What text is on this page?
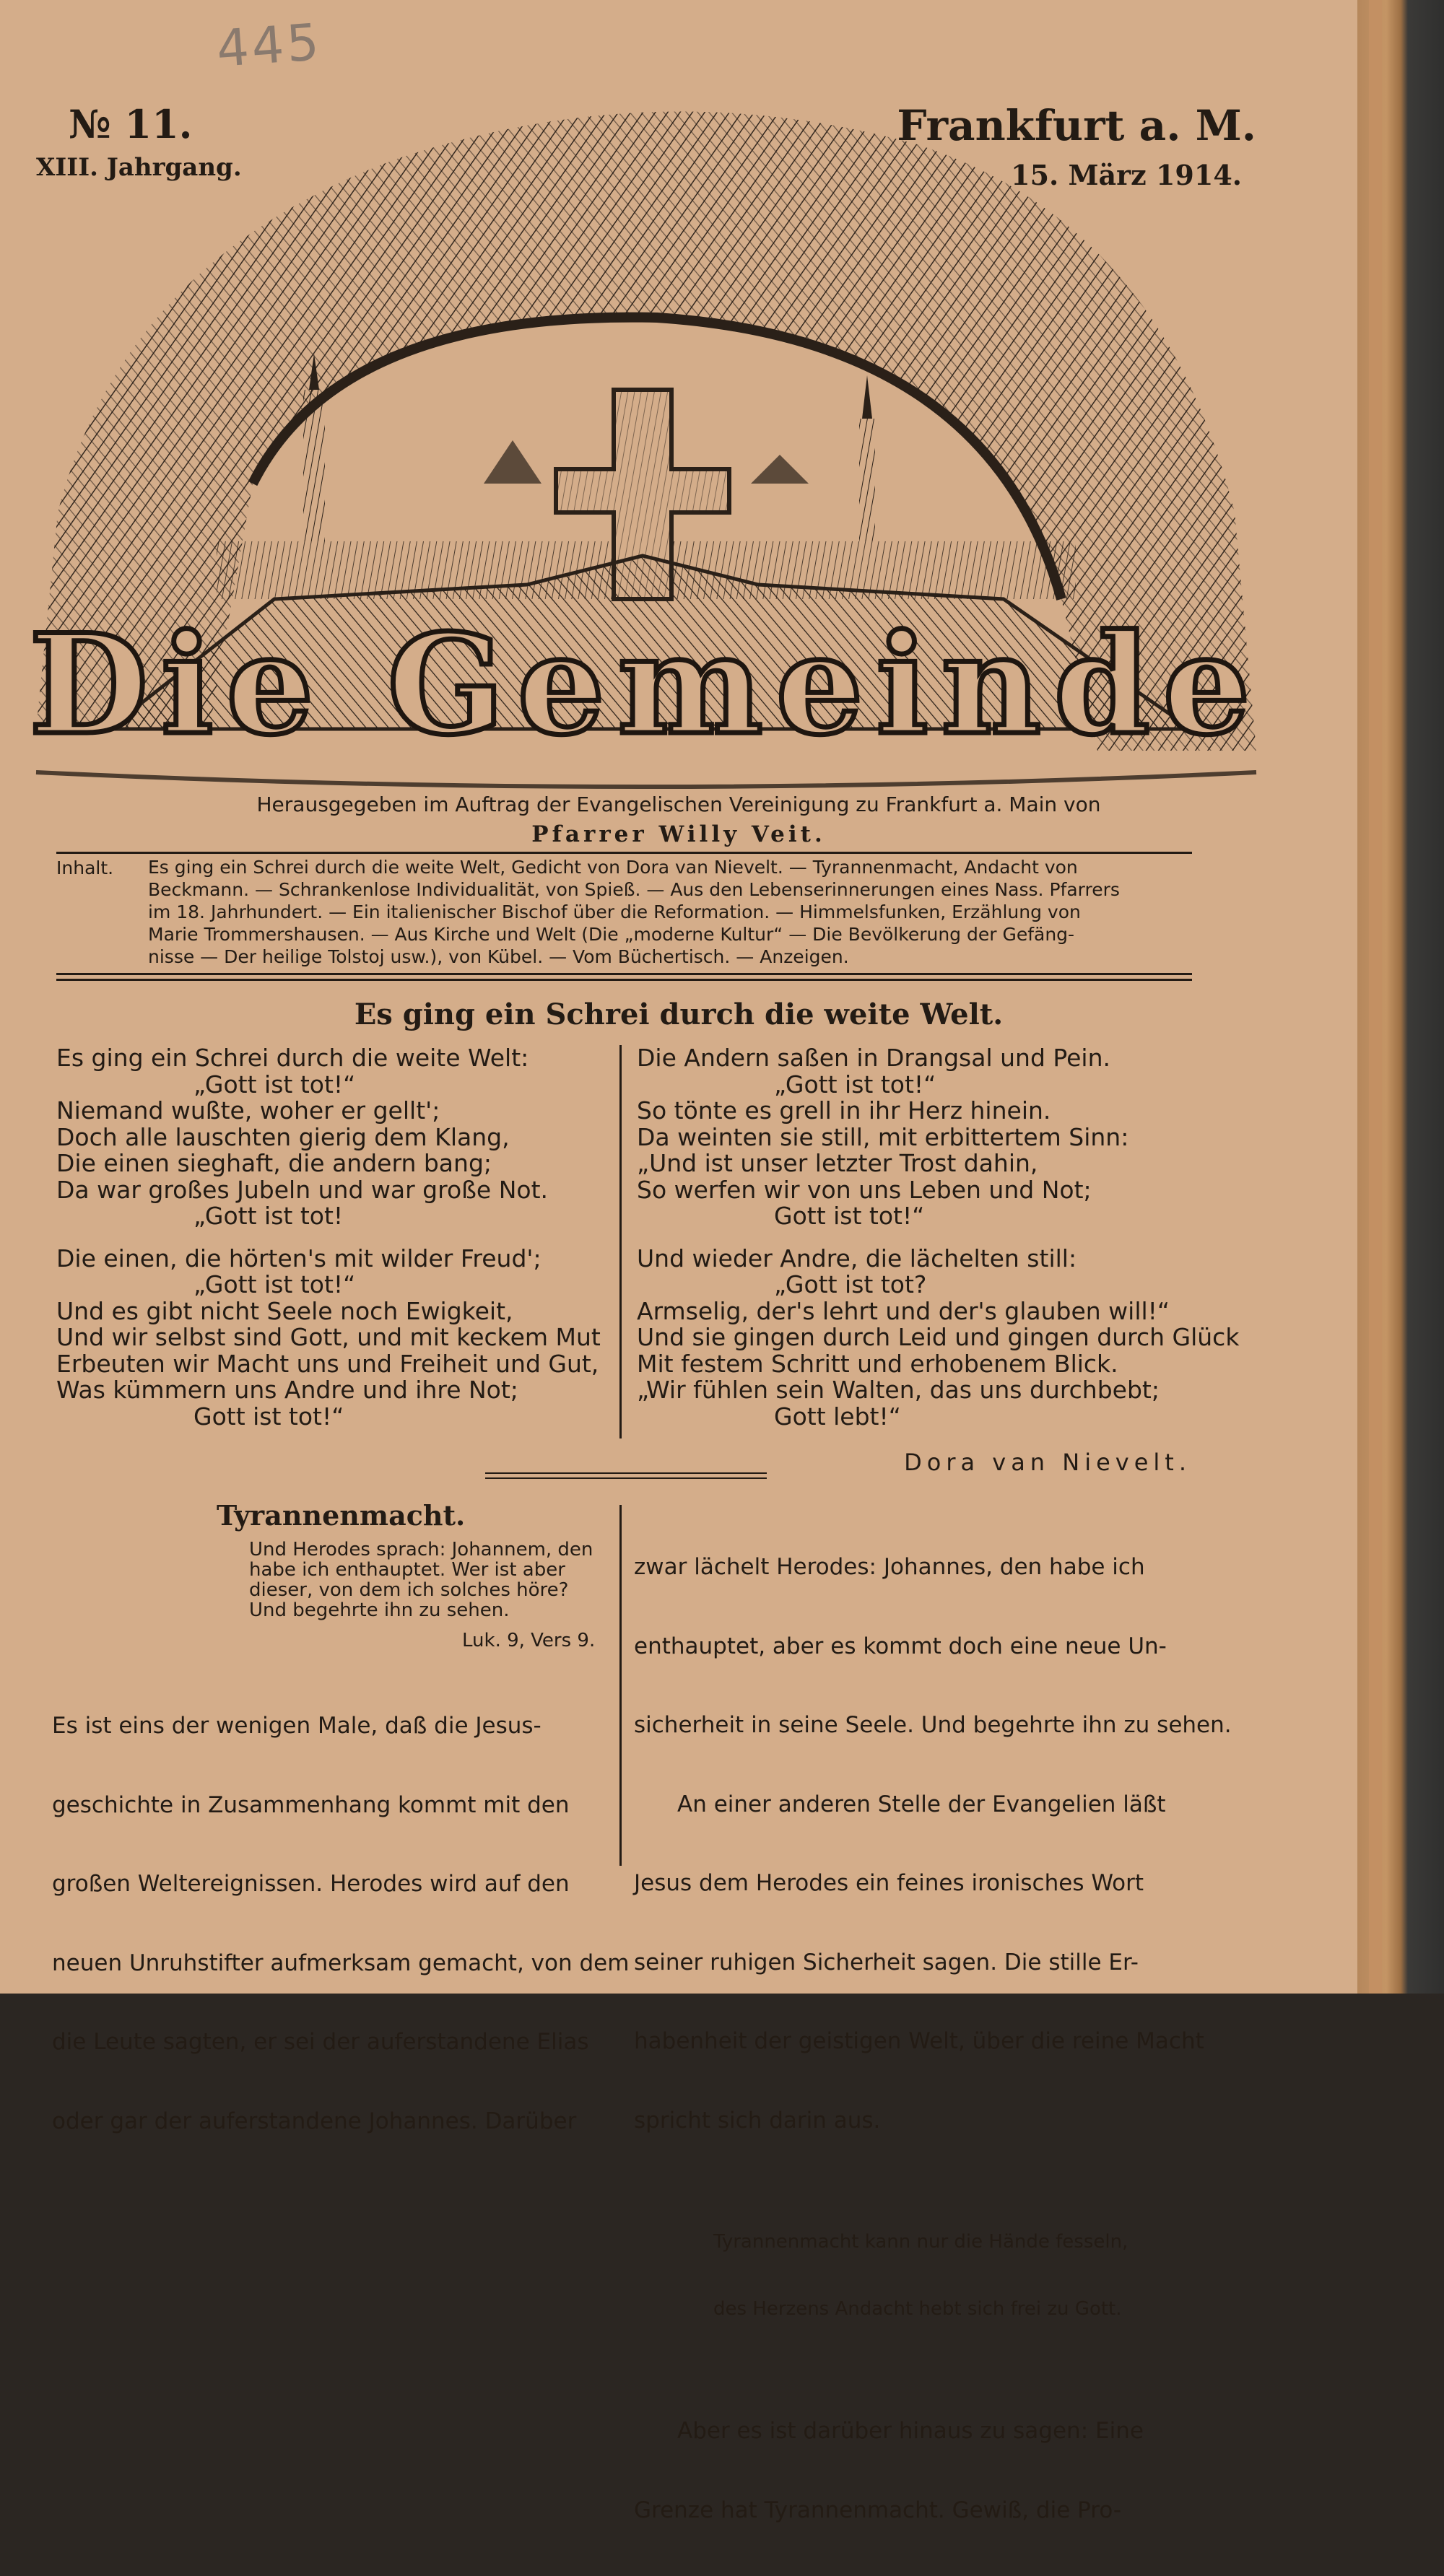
445
№ 11.
XIII. Jahrgang.
Frankfurt a. M.
15. März 1914.
Die Gemeinde
Herausgegeben im Auftrag der Evangelischen Vereinigung zu Frankfurt a. Main von
Pfarrer Willy Veit.
Inhalt. Es ging ein Schrei durch die weite Welt, Gedicht von Dora van Nievelt. — Tyrannenmacht, Andacht von
Beckmann. — Schrankenlose Individualität, von Spieß. — Aus den Lebenserinnerungen eines Nass. Pfarrers
im 18. Jahrhundert. — Ein italienischer Bischof über die Reformation. — Himmelsfunken, Erzählung von
Marie Trommershausen. — Aus Kirche und Welt (Die „moderne Kultur“ — Die Bevölkerung der Gefäng-
nisse — Der heilige Tolstoj usw.), von Kübel. — Vom Büchertisch. — Anzeigen.
Es ging ein Schrei durch die weite Welt.
Es ging ein Schrei durch die weite Welt:
„Gott ist tot!“
Niemand wußte, woher er gellt';
Doch alle lauschten gierig dem Klang,
Die einen sieghaft, die andern bang;
Da war großes Jubeln und war große Not.
„Gott ist tot!
Die einen, die hörten's mit wilder Freud';
„Gott ist tot!“
Und es gibt nicht Seele noch Ewigkeit,
Und wir selbst sind Gott, und mit keckem Mut
Erbeuten wir Macht uns und Freiheit und Gut,
Was kümmern uns Andre und ihre Not;
Gott ist tot!“
Die Andern saßen in Drangsal und Pein.
„Gott ist tot!“
So tönte es grell in ihr Herz hinein.
Da weinten sie still, mit erbittertem Sinn:
„Und ist unser letzter Trost dahin,
So werfen wir von uns Leben und Not;
Gott ist tot!“
Und wieder Andre, die lächelten still:
„Gott ist tot?
Armselig, der's lehrt und der's glauben will!“
Und sie gingen durch Leid und gingen durch Glück
Mit festem Schritt und erhobenem Blick.
„Wir fühlen sein Walten, das uns durchbebt;
Gott lebt!“
Dora van Nievelt.
Tyrannenmacht.
Und Herodes sprach: Johannem, den habe ich enthauptet. Wer ist aber dieser, von dem ich solches höre? Und begehrte ihn zu sehen.
Luk. 9, Vers 9.

Es ist eins der wenigen Male, daß die Jesus-

geschichte in Zusammenhang kommt mit den

großen Weltereignissen. Herodes wird auf den

neuen Unruhstifter aufmerksam gemacht, von dem

die Leute sagten, er sei der auferstandene Elias

oder gar der auferstandene Johannes. Darüber

zwar lächelt Herodes: Johannes, den habe ich

enthauptet, aber es kommt doch eine neue Un-

sicherheit in seine Seele. Und begehrte ihn zu sehen.

An einer anderen Stelle der Evangelien läßt

Jesus dem Herodes ein feines ironisches Wort

seiner ruhigen Sicherheit sagen. Die stille Er-

habenheit der geistigen Welt, über die reine Macht

spricht sich darin aus.

Tyrannenmacht kann nur die Hände fesseln,

des Herzens Andacht hebt sich frei zu Gott.

Aber es ist darüber hinaus zu sagen: Eine

Grenze hat Tyrannenmacht. Gewiß, die Pro-
